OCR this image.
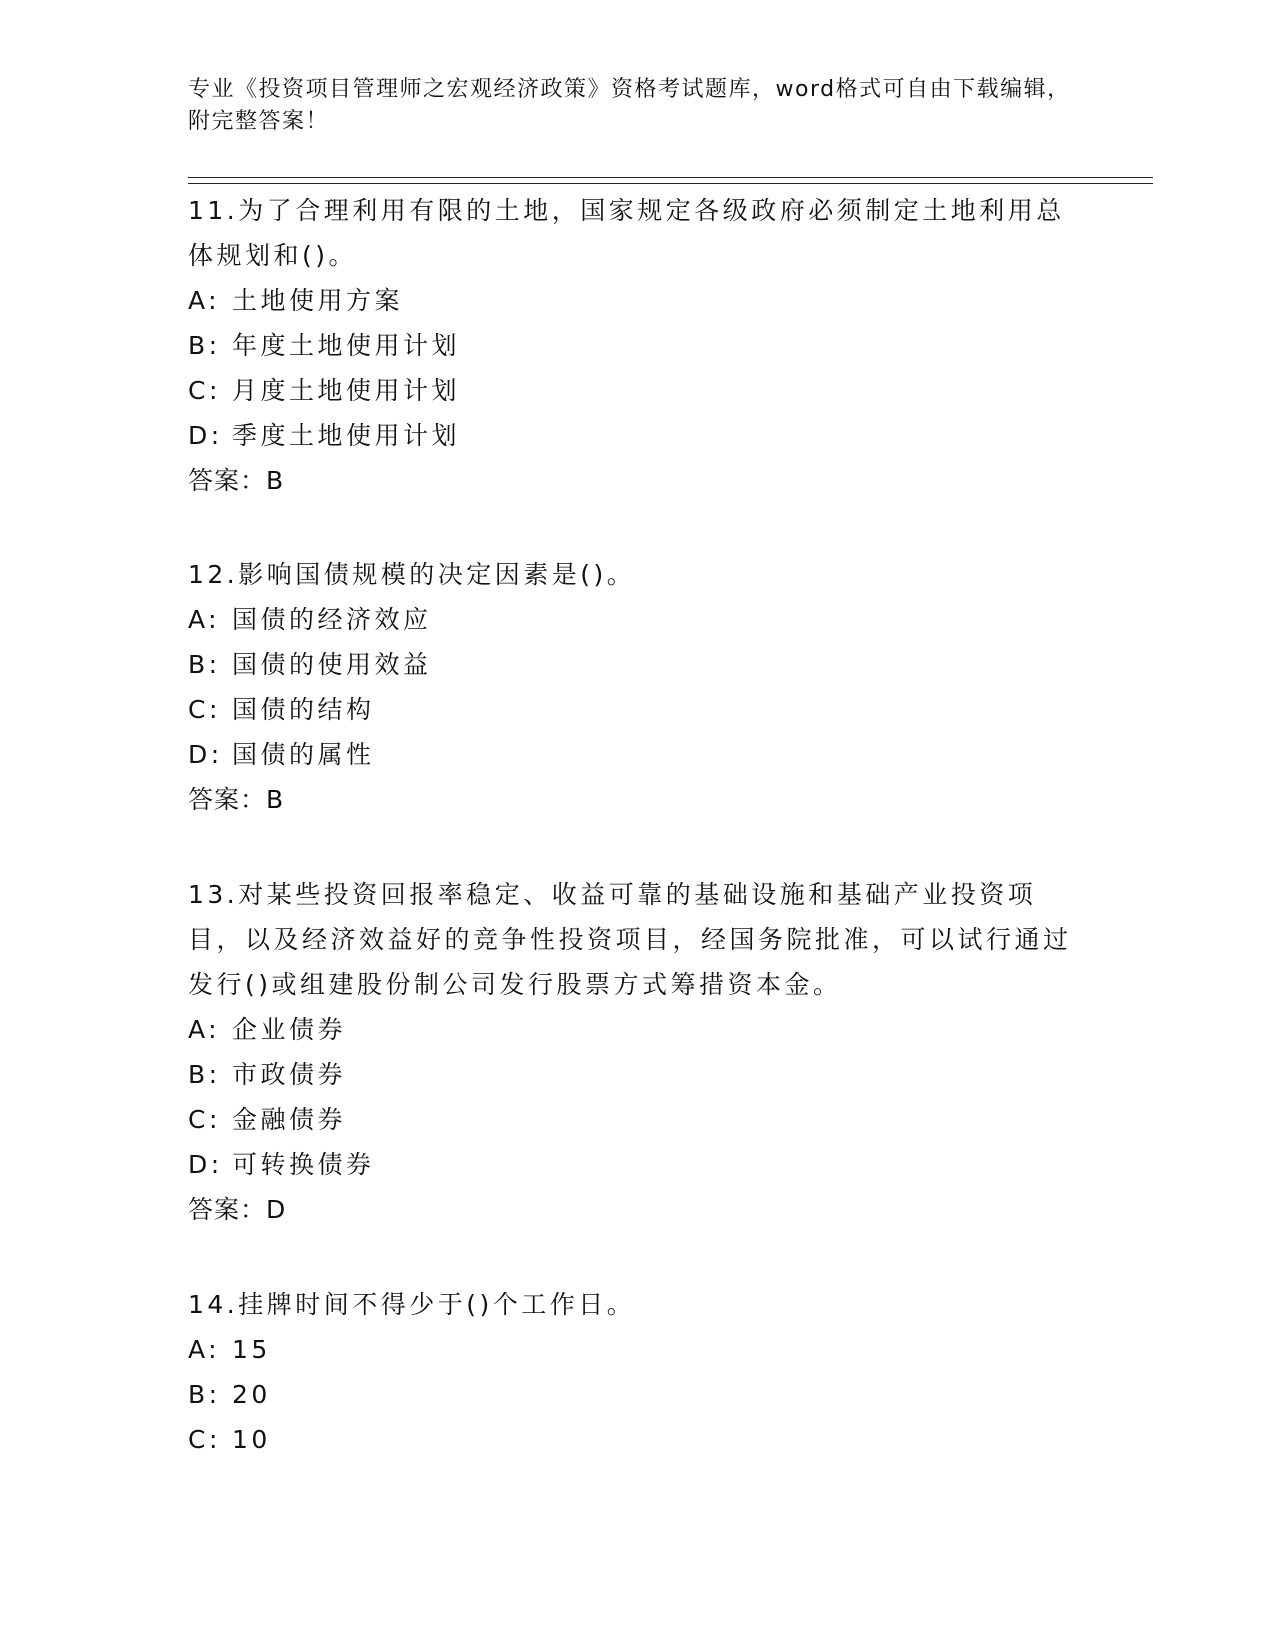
专业《投资项目管理师之宏观经济政策》资格考试题库，word格式可自由下载编辑，附完整答案！
11.为了合理利用有限的土地，国家规定各级政府必须制定土地利用总体规划和()。
A: 土地使用方案
B: 年度土地使用计划
C: 月度土地使用计划
D: 季度土地使用计划
答案：B
12.影响国债规模的决定因素是()。
A: 国债的经济效应
B: 国债的使用效益
C: 国债的结构
D: 国债的属性
答案：B
13.对某些投资回报率稳定、收益可靠的基础设施和基础产业投资项目，以及经济效益好的竞争性投资项目，经国务院批准，可以试行通过发行()或组建股份制公司发行股票方式筹措资本金。
A: 企业债券
B: 市政债券
C: 金融债券
D: 可转换债券
答案：D
14.挂牌时间不得少于()个工作日。
A: 15
B: 20
C: 10
